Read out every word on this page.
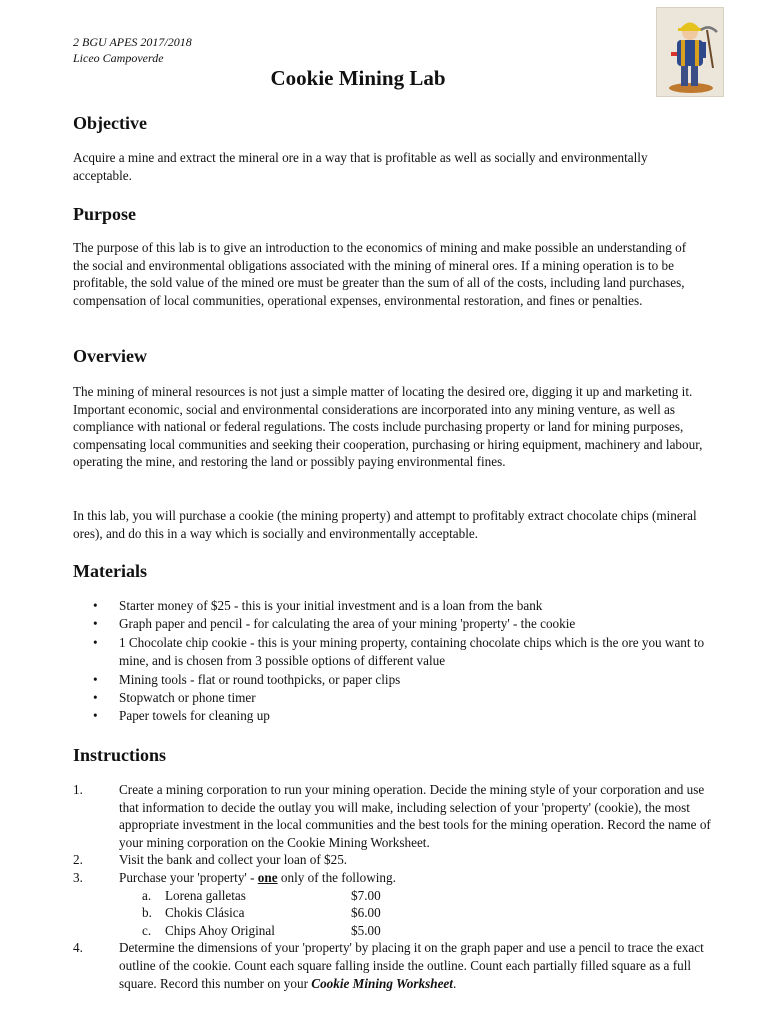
2 BGU APES 2017/2018
Liceo Campoverde
Cookie Mining Lab
Objective

Acquire a mine and extract the mineral ore in a way that is profitable as well as socially and environmentally acceptable.

Purpose

The purpose of this lab is to give an introduction to the economics of mining and make possible an understanding of the social and environmental obligations associated with the mining of mineral ores. If a mining operation is to be profitable, the sold value of the mined ore must be greater than the sum of all of the costs, including land purchases, compensation of local communities, operational expenses, environmental restoration, and fines or penalties.

Overview

The mining of mineral resources is not just a simple matter of locating the desired ore, digging it up and marketing it. Important economic, social and environmental considerations are incorporated into any mining venture, as well as compliance with national or federal regulations. The costs include purchasing property or land for mining purposes, compensating local communities and seeking their cooperation, purchasing or hiring equipment, machinery and labour, operating the mine, and restoring the land or possibly paying environmental fines.

In this lab, you will purchase a cookie (the mining property) and attempt to profitably extract chocolate chips (mineral ores), and do this in a way which is socially and environmentally acceptable.

Materials
• Starter money of $25 - this is your initial investment and is a loan from the bank
• Graph paper and pencil - for calculating the area of your mining 'property' - the cookie
• 1 Chocolate chip cookie - this is your mining property, containing chocolate chips which is the ore you want to mine, and is chosen from 3 possible options of different value
• Mining tools - flat or round toothpicks, or paper clips
• Stopwatch or phone timer
• Paper towels for cleaning up
Instructions
1.	Create a mining corporation to run your mining operation. Decide the mining style of your corporation and use that information to decide the outlay you will make, including selection of your 'property' (cookie), the most appropriate investment in the local communities and the best tools for the mining operation. Record the name of your mining corporation on the Cookie Mining Worksheet.
2.	Visit the bank and collect your loan of $25.
3.	Purchase your 'property' - one only of the following.
a. Lorena galletas	$7.00
b. Chokis Clásica	$6.00
c. Chips Ahoy Original	$5.00
4.	Determine the dimensions of your 'property' by placing it on the graph paper and use a pencil to trace the exact outline of the cookie. Count each square falling inside the outline. Count each partially filled square as a full square. Record this number on your Cookie Mining Worksheet.
